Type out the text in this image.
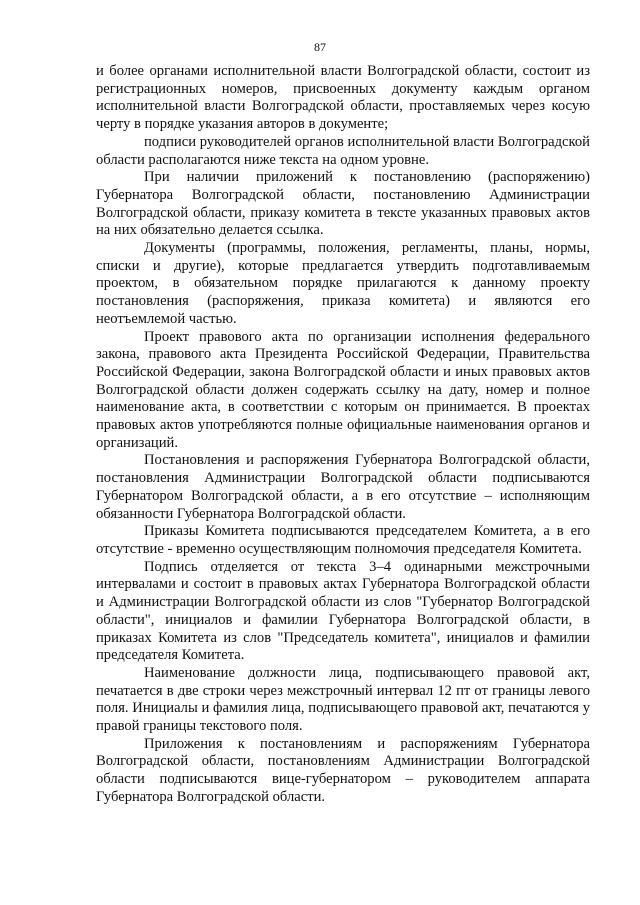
87

и более органами исполнительной власти Волгоградской области, состоит из регистрационных номеров, присвоенных документу каждым органом исполнительной власти Волгоградской области, проставляемых через косую черту в порядке указания авторов в документе;

подписи руководителей органов исполнительной власти Волгоградской области располагаются ниже текста на одном уровне.

При наличии приложений к постановлению (распоряжению) Губернатора Волгоградской области, постановлению Администрации Волгоградской области, приказу комитета в тексте указанных правовых актов на них обязательно делается ссылка.

Документы (программы, положения, регламенты, планы, нормы, списки и другие), которые предлагается утвердить подготавливаемым проектом, в обязательном порядке прилагаются к данному проекту постановления (распоряжения, приказа комитета) и являются его неотъемлемой частью.

Проект правового акта по организации исполнения федерального закона, правового акта Президента Российской Федерации, Правительства Российской Федерации, закона Волгоградской области и иных правовых актов Волгоградской области должен содержать ссылку на дату, номер и полное наименование акта, в соответствии с которым он принимается. В проектах правовых актов употребляются полные официальные наименования органов и организаций.

Постановления и распоряжения Губернатора Волгоградской области, постановления Администрации Волгоградской области подписываются Губернатором Волгоградской области, а в его отсутствие – исполняющим обязанности Губернатора Волгоградской области.

Приказы Комитета подписываются председателем Комитета, а в его отсутствие - временно осуществляющим полномочия председателя Комитета.

Подпись отделяется от текста 3–4 одинарными межстрочными интервалами и состоит в правовых актах Губернатора Волгоградской области и Администрации Волгоградской области из слов "Губернатор Волгоградской области", инициалов и фамилии Губернатора Волгоградской области, в приказах Комитета из слов "Председатель комитета", инициалов и фамилии председателя Комитета.

Наименование должности лица, подписывающего правовой акт, печатается в две строки через межстрочный интервал 12 пт от границы левого поля. Инициалы и фамилия лица, подписывающего правовой акт, печатаются у правой границы текстового поля.

Приложения к постановлениям и распоряжениям Губернатора Волгоградской области, постановлениям Администрации Волгоградской области подписываются вице-губернатором – руководителем аппарата Губернатора Волгоградской области.
